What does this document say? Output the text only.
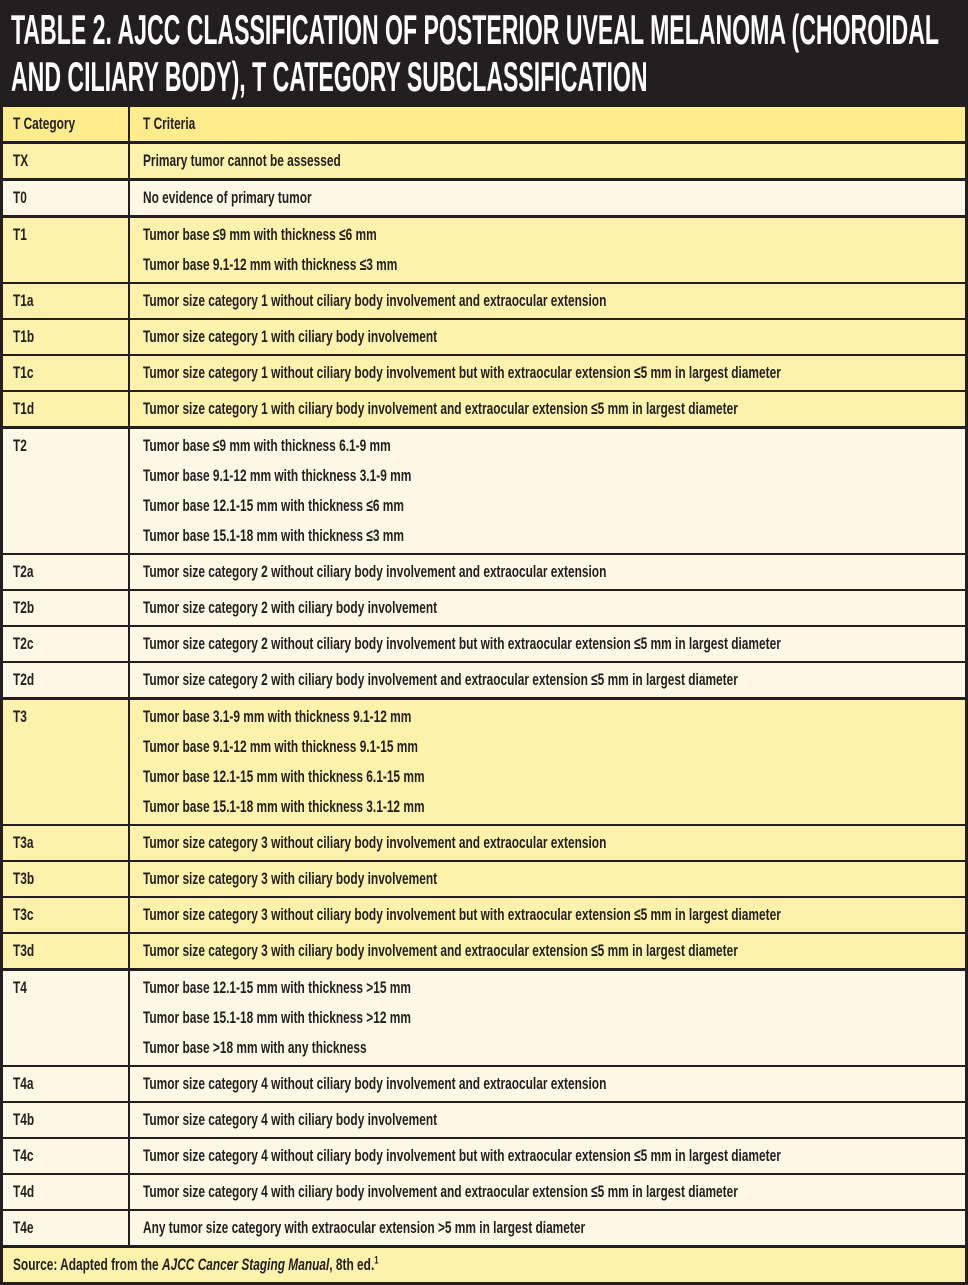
TABLE 2. AJCC CLASSIFICATION OF POSTERIOR UVEAL MELANOMA (CHOROIDAL
AND CILIARY BODY), T CATEGORY SUBCLASSIFICATION
T Category	T Criteria
TX	Primary tumor cannot be assessed
T0	No evidence of primary tumor
T1	Tumor base ≤9 mm with thickness ≤6 mm
Tumor base 9.1-12 mm with thickness ≤3 mm
T1a	Tumor size category 1 without ciliary body involvement and extraocular extension
T1b	Tumor size category 1 with ciliary body involvement
T1c	Tumor size category 1 without ciliary body involvement but with extraocular extension ≤5 mm in largest diameter
T1d	Tumor size category 1 with ciliary body involvement and extraocular extension ≤5 mm in largest diameter
T2	Tumor base ≤9 mm with thickness 6.1-9 mm
Tumor base 9.1-12 mm with thickness 3.1-9 mm
Tumor base 12.1-15 mm with thickness ≤6 mm
Tumor base 15.1-18 mm with thickness ≤3 mm
T2a	Tumor size category 2 without ciliary body involvement and extraocular extension
T2b	Tumor size category 2 with ciliary body involvement
T2c	Tumor size category 2 without ciliary body involvement but with extraocular extension ≤5 mm in largest diameter
T2d	Tumor size category 2 with ciliary body involvement and extraocular extension ≤5 mm in largest diameter
T3	Tumor base 3.1-9 mm with thickness 9.1-12 mm
Tumor base 9.1-12 mm with thickness 9.1-15 mm
Tumor base 12.1-15 mm with thickness 6.1-15 mm
Tumor base 15.1-18 mm with thickness 3.1-12 mm
T3a	Tumor size category 3 without ciliary body involvement and extraocular extension
T3b	Tumor size category 3 with ciliary body involvement
T3c	Tumor size category 3 without ciliary body involvement but with extraocular extension ≤5 mm in largest diameter
T3d	Tumor size category 3 with ciliary body involvement and extraocular extension ≤5 mm in largest diameter
T4	Tumor base 12.1-15 mm with thickness >15 mm
Tumor base 15.1-18 mm with thickness >12 mm
Tumor base >18 mm with any thickness
T4a	Tumor size category 4 without ciliary body involvement and extraocular extension
T4b	Tumor size category 4 with ciliary body involvement
T4c	Tumor size category 4 without ciliary body involvement but with extraocular extension ≤5 mm in largest diameter
T4d	Tumor size category 4 with ciliary body involvement and extraocular extension ≤5 mm in largest diameter
T4e	Any tumor size category with extraocular extension >5 mm in largest diameter
Source: Adapted from the AJCC Cancer Staging Manual, 8th ed.$^1$
